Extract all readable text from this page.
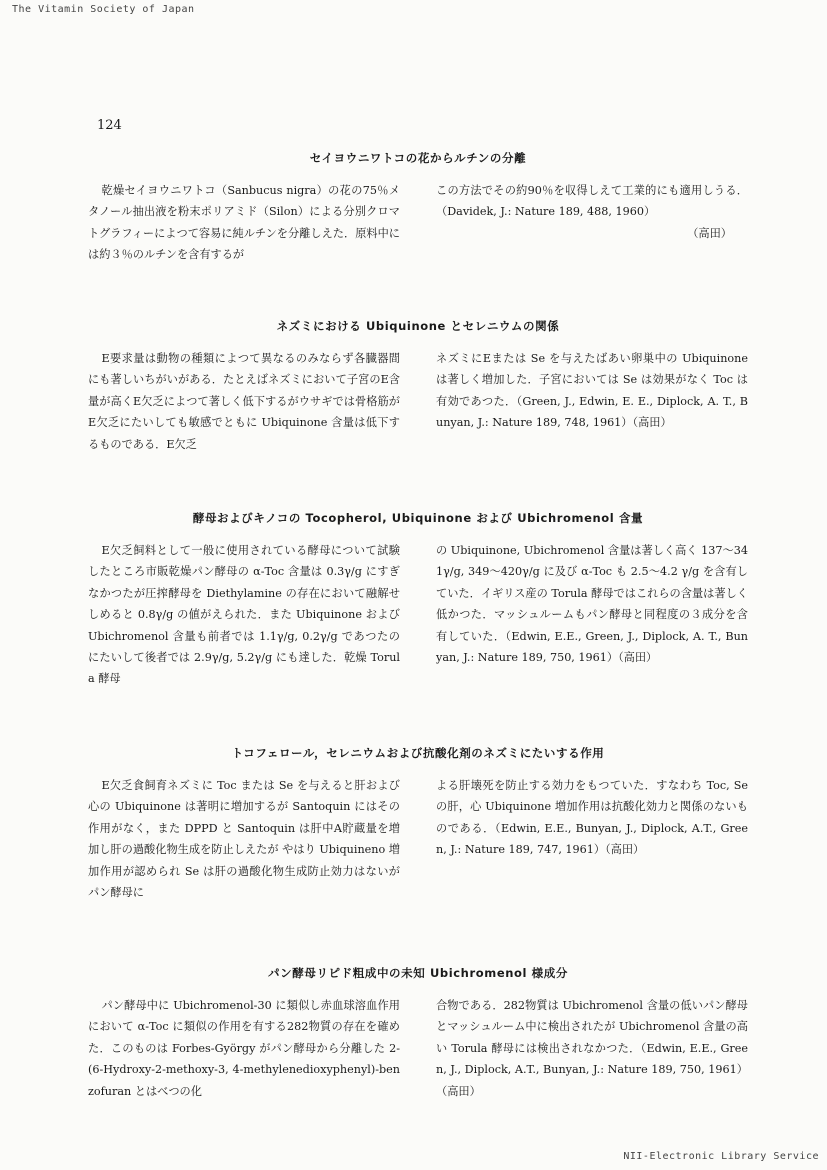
The Vitamin Society of Japan
124
セイヨウニワトコの花からルチンの分離
乾燥セイヨウニワトコ（Sanbucus nigra）の花の75％メタノール抽出液を粉末ポリアミド（Silon）による分別クロマトグラフィーによつて容易に純ルチンを分離しえた．原料中には約３％のルチンを含有するが
この方法でその約90％を収得しえて工業的にも適用しうる．（Davidek, J.: Nature 189, 488, 1960）
（高田）
ネズミにおける Ubiquinone とセレニウムの関係
E要求量は動物の種類によつて異なるのみならず各臓器間にも著しいちがいがある．たとえばネズミにおいて子宮のE含量が高くE欠乏によつて著しく低下するがウサギでは骨格筋がE欠乏にたいしても敏感でともに Ubiquinone 含量は低下するものである．E欠乏
ネズミにEまたは Se を与えたばあい卵巣中の Ubiquinone は著しく増加した．子宮においては Se は効果がなく Toc は有効であつた．（Green, J., Edwin, E. E., Diplock, A. T., Bunyan, J.: Nature 189, 748, 1961）（高田）
酵母およびキノコの Tocopherol, Ubiquinone および Ubichromenol 含量
E欠乏飼料として一般に使用されている酵母について試験したところ市販乾燥パン酵母の α-Toc 含量は 0.3γ/g にすぎなかつたが圧搾酵母を Diethylamine の存在において融解せしめると 0.8γ/g の値がえられた．また Ubiquinone および Ubichromenol 含量も前者では 1.1γ/g, 0.2γ/g であつたのにたいして後者では 2.9γ/g, 5.2γ/g にも達した．乾燥 Torula 酵母
の Ubiquinone, Ubichromenol 含量は著しく高く 137〜341γ/g, 349〜420γ/g に及び α-Toc も 2.5〜4.2 γ/g を含有していた．イギリス産の Torula 酵母ではこれらの含量は著しく低かつた．マッシュルームもパン酵母と同程度の３成分を含有していた．（Edwin, E.E., Green, J., Diplock, A. T., Bunyan, J.: Nature 189, 750, 1961）（高田）
トコフェロール，セレニウムおよび抗酸化剤のネズミにたいする作用
E欠乏食飼育ネズミに Toc または Se を与えると肝および心の Ubiquinone は著明に増加するが Santoquin にはその作用がなく，また DPPD と Santoquin は肝中A貯蔵量を増加し肝の過酸化物生成を防止しえたが やはり Ubiquineno 増加作用が認められ Se は肝の過酸化物生成防止効力はないがパン酵母に
よる肝壊死を防止する効力をもつていた．すなわち Toc, Se の肝，心 Ubiquinone 増加作用は抗酸化効力と関係のないものである．（Edwin, E.E., Bunyan, J., Diplock, A.T., Green, J.: Nature 189, 747, 1961）（高田）
パン酵母リピド粗成中の未知 Ubichromenol 様成分
パン酵母中に Ubichromenol-30 に類似し赤血球溶血作用において α-Toc に類似の作用を有する282物質の存在を確めた．このものは Forbes-György がパン酵母から分離した 2-(6-Hydroxy-2-methoxy-3, 4-methylenedioxyphenyl)-benzofuran とはべつの化
合物である．282物質は Ubichromenol 含量の低いパン酵母とマッシュルーム中に検出されたが Ubichromenol 含量の高い Torula 酵母には検出されなかつた．（Edwin, E.E., Green, J., Diplock, A.T., Bunyan, J.: Nature 189, 750, 1961）（高田）
NII-Electronic Library Service
